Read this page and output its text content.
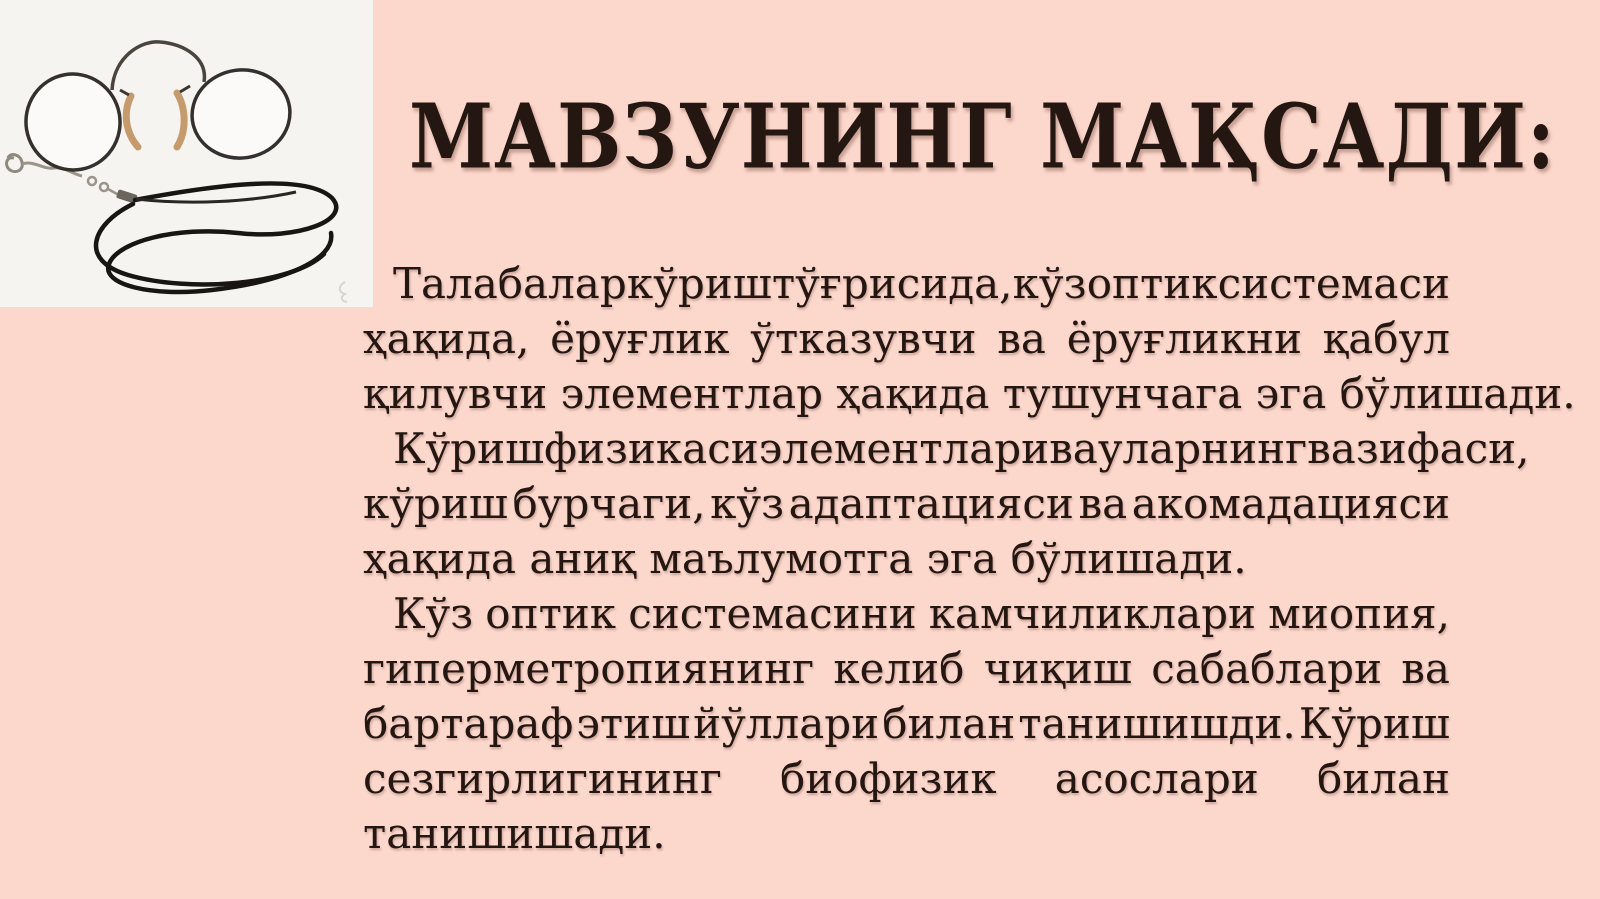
МАВЗУНИНГ МАҚСАДИ:
Талабалар кўриш тўғрисида, кўз оптик системаси
ҳақида, ёруғлик ўтказувчи ва ёруғликни қабул
қилувчи элементлар ҳақида тушунчага эга бўлишади.
Кўриш физикаси элементлари ва уларнинг вазифаси,
кўриш бурчаги, кўз адаптацияси ва акомадацияси
ҳақида аниқ маълумотга эга бўлишади.
Кўз оптик системасини камчиликлари миопия,
гиперметропиянинг келиб чиқиш сабаблари ва
бартараф этиш йўллари билан танишишди. Кўриш
сезгирлигининг биофизик асослари билан
танишишади.
